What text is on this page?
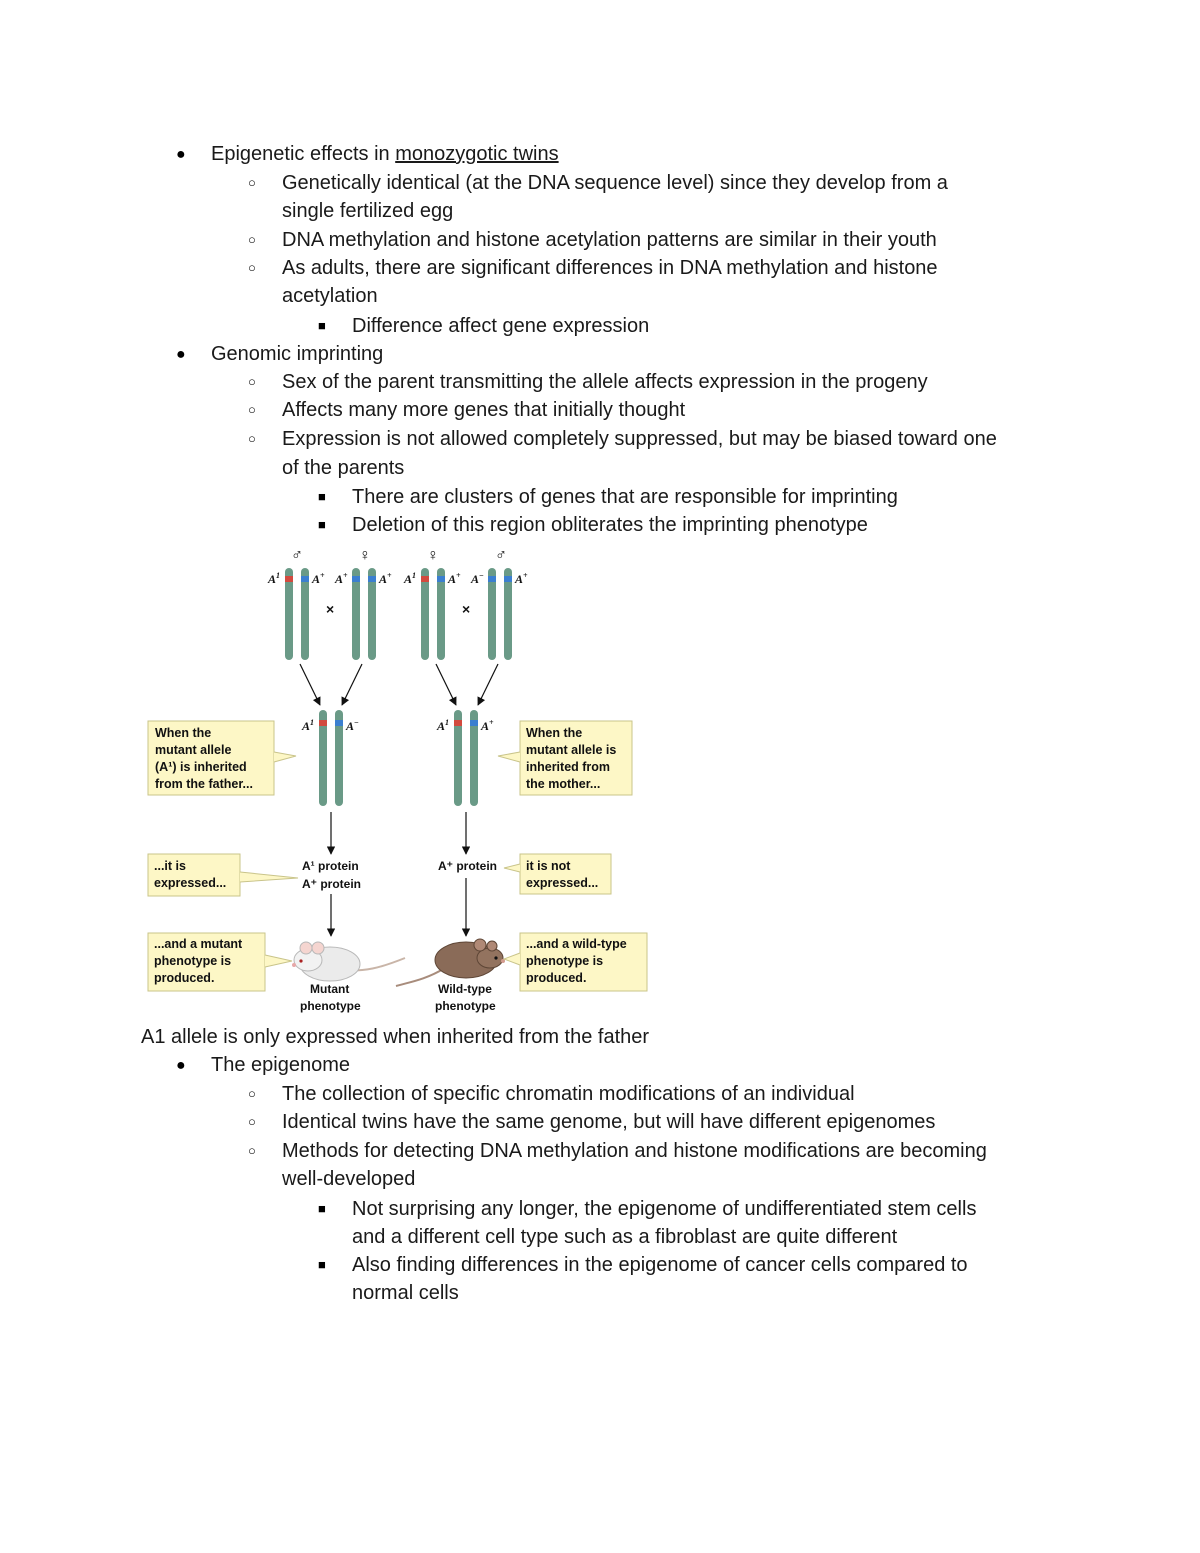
● Epigenetic effects in monozygotic twins
○ Genetically identical (at the DNA sequence level) since they develop from a
single fertilized egg
○ DNA methylation and histone acetylation patterns are similar in their youth
○ As adults, there are significant differences in DNA methylation and histone
acetylation
■ Difference affect gene expression
● Genomic imprinting
○ Sex of the parent transmitting the allele affects expression in the progeny
○ Affects many more genes that initially thought
○ Expression is not allowed completely suppressed, but may be biased toward one
of the parents
■ There are clusters of genes that are responsible for imprinting
■ Deletion of this region obliterates the imprinting phenotype
♂	♀	♀	♂
$A^1$	A+ A+	A+ $A^1$	A+ A−	A+
×	×
$A^1$	A−	$A^1$	A+
When the
mutant allele
(A¹) is inherited
from the father...
When the
mutant allele is
inherited from
the mother...
A¹ protein
A⁺ protein
A⁺ protein
...it is
expressed...
it is not
expressed...
Mutant
phenotype
Wild-type
phenotype
...and a mutant
phenotype is
produced.
...and a wild-type
phenotype is
produced.
A1 allele is only expressed when inherited from the father
● The epigenome
○ The collection of specific chromatin modifications of an individual
○ Identical twins have the same genome, but will have different epigenomes
○ Methods for detecting DNA methylation and histone modifications are becoming
well-developed
■ Not surprising any longer, the epigenome of undifferentiated stem cells
and a different cell type such as a fibroblast are quite different
■ Also finding differences in the epigenome of cancer cells compared to
normal cells
